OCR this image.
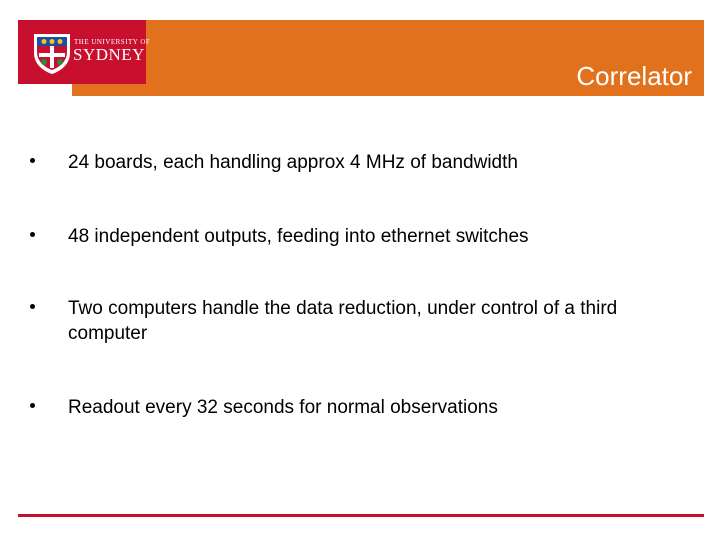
THE UNIVERSITY OF
SYDNEY
Correlator
24 boards, each handling approx 4 MHz of bandwidth
48 independent outputs, feeding into ethernet switches
Two computers handle the data reduction, under control of a third computer
Readout every 32 seconds for normal observations
